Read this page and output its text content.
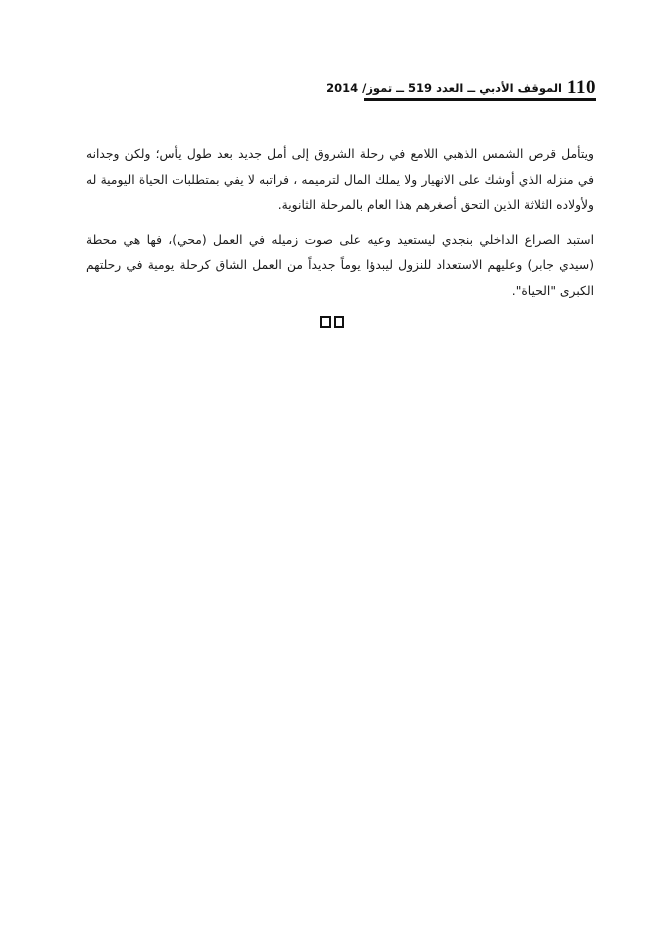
110
الموقف الأدبي ــ العدد 519 ــ تموز/ 2014

ويتأمل قرص الشمس الذهبي اللامع في رحلة الشروق إلى أمل جديد بعد طول يأس؛ ولكن وجدانه في منزله الذي أوشك على الانهيار ولا يملك المال لترميمه ، فراتبه لا يفي بمتطلبات الحياة اليومية له ولأولاده الثلاثة الذين التحق أصغرهم هذا العام بالمرحلة الثانوية.

استبد الصراع الداخلي بنجدي ليستعيد وعيه على صوت زميله في العمل (محي)، فها هي محطة (سيدي جابر) وعليهم الاستعداد للنزول ليبدؤا يوماً جديداً من العمل الشاق كرحلة يومية في رحلتهم الكبرى "الحياة".
